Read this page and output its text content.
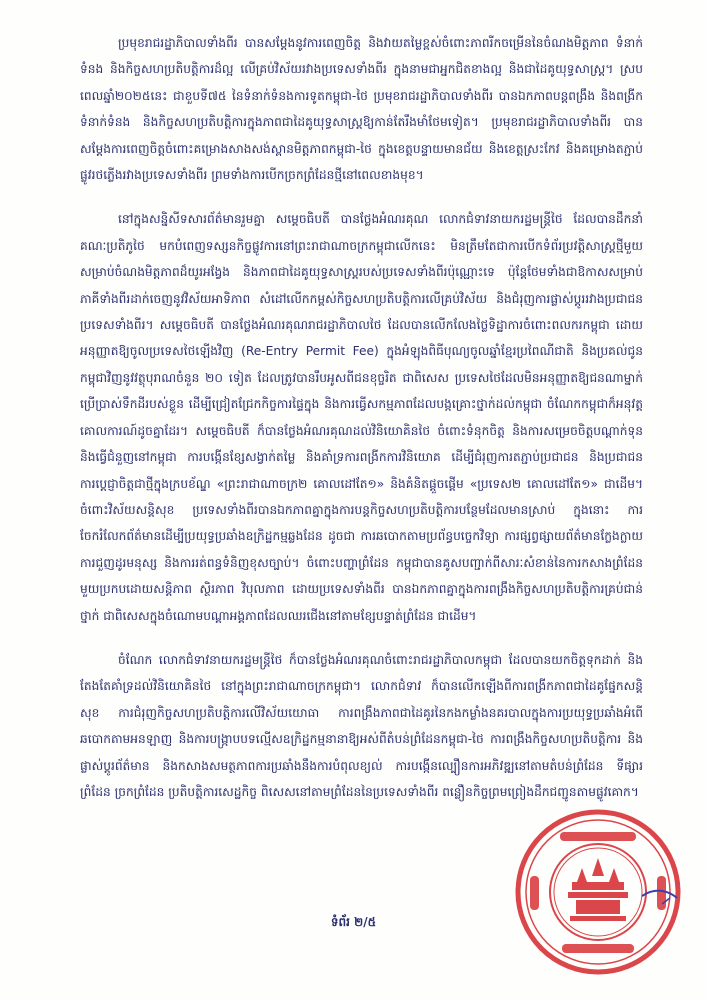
ប្រមុខរាជរដ្ឋាភិបាលទាំងពីរ បានសម្តែងនូវការពេញចិត្ត និងវាយតម្លៃខ្ពស់ចំពោះភាពរីកចម្រើននៃចំណងមិត្តភាព ទំនាក់ទំនង និងកិច្ចសហប្រតិបត្តិការដ៏ល្អ លើគ្រប់វិស័យរវាងប្រទេសទាំងពីរ ក្នុងនាមជាអ្នកជិតខាងល្អ និងជាដៃគូយុទ្ធសាស្ត្រ។ ស្របពេលឆ្នាំ២០២៥នេះ ជាខួបទី៧៥ នៃទំនាក់ទំនងការទូតកម្ពុជា-ថៃ ប្រមុខរាជរដ្ឋាភិបាលទាំងពីរ បានឯកភាពបន្តពង្រឹង និងពង្រីកទំនាក់ទំនង និងកិច្ចសហប្រតិបត្តិការក្នុងភាពជាដៃគូយុទ្ធសាស្ត្រឱ្យកាន់តែរឹងមាំថែមទៀត។ ប្រមុខរាជរដ្ឋាភិបាលទាំងពីរ បានសម្តែងការពេញចិត្តចំពោះគម្រោងសាងសង់ស្ពានមិត្តភាពកម្ពុជា-ថៃ ក្នុងខេត្តបន្ទាយមានជ័យ និងខេត្តស្រះកែវ និងគម្រោងតភ្ជាប់ផ្លូវរថភ្លើងរវាងប្រទេសទាំងពីរ ព្រមទាំងការបើកច្រកព្រំដែនថ្មីនៅពេលខាងមុខ។

នៅក្នុងសន្និសីទសារព័ត៌មានរួមគ្នា សម្តេចធិបតី បានថ្លែងអំណរគុណ លោកជំទាវនាយករដ្ឋមន្ត្រីថៃ ដែលបានដឹកនាំគណៈប្រតិភូថៃ មកបំពេញទស្សនកិច្ចផ្លូវការនៅព្រះរាជាណាចក្រកម្ពុជាលើកនេះ មិនត្រឹមតែជាការបើកទំព័រប្រវត្តិសាស្ត្រថ្មីមួយសម្រាប់ចំណងមិត្តភាពដ៏យូរអង្វែង និងភាពជាដៃគូយុទ្ធសាស្ត្ររបស់ប្រទេសទាំងពីរប៉ុណ្ណោះទេ ប៉ុន្តែថែមទាំងជាឱកាសសម្រាប់ភាគីទាំងពីរដាក់ចេញនូវវិស័យអាទិភាព សំដៅលើកកម្ពស់កិច្ចសហប្រតិបត្តិការលើគ្រប់វិស័យ និងជំរុញការផ្លាស់ប្តូររវាងប្រជាជនប្រទេសទាំងពីរ។ សម្តេចធិបតី បានថ្លែងអំណរគុណរាជរដ្ឋាភិបាលថៃ ដែលបានលើកលែងថ្លៃទិដ្ឋាការចំពោះពលករកម្ពុជា ដោយអនុញ្ញាតឱ្យចូលប្រទេសថៃឡើងវិញ (Re-Entry Permit Fee) ក្នុងអំឡុងពិធីបុណ្យចូលឆ្នាំខ្មែរប្រពៃណីជាតិ និងប្រគល់ជូនកម្ពុជាវិញនូវវត្ថុបុរាណចំនួន ២០ ទៀត ដែលត្រូវបានរឹបអូសពីជនខុច្ចរិត ជាពិសេស ប្រទេសថៃដែលមិនអនុញ្ញាតឱ្យជនណាម្នាក់ប្រើប្រាស់ទឹកដីរបស់ខ្លួន ដើម្បីជ្រៀតជ្រែកកិច្ចការផ្ទៃក្នុង និងការធ្វើសកម្មភាពដែលបង្កគ្រោះថ្នាក់ដល់កម្ពុជា ចំណែកកម្ពុជាក៏អនុវត្តគោលការណ៍ដូចគ្នាដែរ។ សម្តេចធិបតី ក៏បានថ្លែងអំណរគុណដល់វិនិយោគិនថៃ ចំពោះទំនុកចិត្ត និងការសម្រេចចិត្តបណ្តាក់ទុន និងធ្វើជំនួញនៅកម្ពុជា ការបង្កើនខ្សែសង្វាក់តម្លៃ និងគាំទ្រការពង្រីកការវិនិយោគ ដើម្បីជំរុញការតភ្ជាប់ប្រជាជន និងប្រជាជន ការប្តេជ្ញាចិត្តជាថ្មីក្នុងក្របខ័ណ្ឌ «ព្រះរាជាណាចក្រ២ គោលដៅតែ១» និងគំនិតផ្តួចផ្តើម «ប្រទេស២ គោលដៅតែ១» ជាដើម។ ចំពោះវិស័យសន្តិសុខ ប្រទេសទាំងពីរបានឯកភាពគ្នាក្នុងការបន្តកិច្ចសហប្រតិបត្តិការបន្ថែមដែលមានស្រាប់ ក្នុងនោះ ការចែករំលែកព័ត៌មានដើម្បីប្រយុទ្ធប្រឆាំងឧក្រិដ្ឋកម្មឆ្លងដែន ដូចជា ការឆបោកតាមប្រព័ន្ធបច្ចេកវិទ្យា ការផ្សព្វផ្សាយព័ត៌មានក្លែងក្លាយ ការជួញដូរមនុស្ស និងការរត់ពន្ធទំនិញខុសច្បាប់។ ចំពោះបញ្ហាព្រំដែន កម្ពុជាបានគូសបញ្ជាក់ពីសារៈសំខាន់នៃការកសាងព្រំដែនមួយប្រកបដោយសន្តិភាព ស្ថិរភាព វិបុលភាព ដោយប្រទេសទាំងពីរ បានឯកភាពគ្នាក្នុងការពង្រឹងកិច្ចសហប្រតិបត្តិការគ្រប់ជាន់ថ្នាក់ ជាពិសេសក្នុងចំណោមបណ្តាអង្គភាពដែលឈរជើងនៅតាមខ្សែបន្ទាត់ព្រំដែន ជាដើម។

ចំណែក លោកជំទាវនាយករដ្ឋមន្ត្រីថៃ ក៏បានថ្លែងអំណរគុណចំពោះរាជរដ្ឋាភិបាលកម្ពុជា ដែលបានយកចិត្តទុកដាក់ និងតែងតែគាំទ្រដល់វិនិយោគិនថៃ នៅក្នុងព្រះរាជាណាចក្រកម្ពុជា។ លោកជំទាវ ក៏បានលើកឡើងពីការពង្រីកភាពជាដៃគូផ្នែកសន្តិសុខ ការជំរុញកិច្ចសហប្រតិបត្តិការលើវិស័យយោធា ការពង្រឹងភាពជាដៃគូរនៃកងកម្លាំងនគរបាលក្នុងការប្រយុទ្ធប្រឆាំងអំពើឆបោកតាមអនឡាញ និងការបង្ក្រាបបទល្មើសឧក្រិដ្ឋកម្មនានាឱ្យអស់ពីតំបន់ព្រំដែនកម្ពុជា-ថៃ ការពង្រឹងកិច្ចសហប្រតិបត្តិការ និងផ្លាស់ប្តូរព័ត៌មាន និងកសាងសមត្ថភាពការប្រឆាំងនឹងការបំពុលខ្យល់ ការបង្កើនល្បឿនការអភិវឌ្ឍនៅតាមតំបន់ព្រំដែន ទីផ្សារព្រំដែន ច្រកព្រំដែន ប្រតិបត្តិការសេដ្ឋកិច្ច ពិសេសនៅតាមព្រំដែននៃប្រទេសទាំងពីរ ពន្លឿនកិច្ចព្រមព្រៀងដឹកជញ្ជូនតាមផ្លូវគោក។

ទំព័រ ២/៥
